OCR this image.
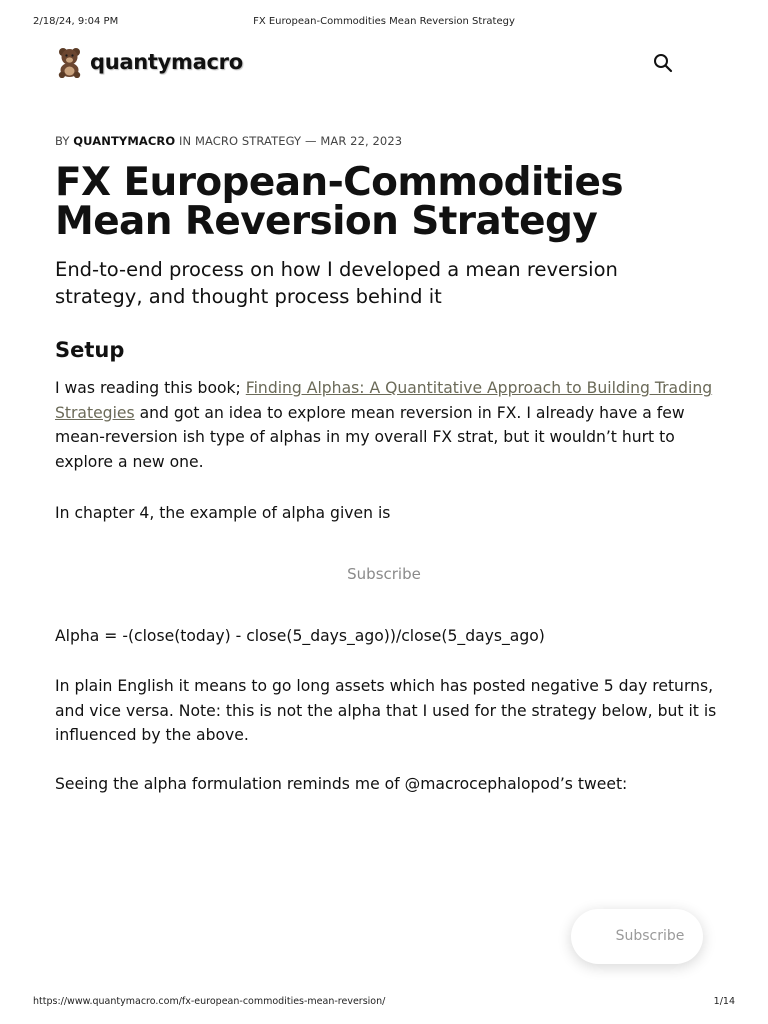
2/18/24, 9:04 PM	FX European-Commodities Mean Reversion Strategy
quantymacro
BY QUANTYMACRO IN MACRO STRATEGY — MAR 22, 2023
FX European-Commodities Mean Reversion Strategy

End-to-end process on how I developed a mean reversion strategy, and thought process behind it

Setup

I was reading this book; Finding Alphas: A Quantitative Approach to Building Trading Strategies and got an idea to explore mean reversion in FX. I already have a few mean-reversion ish type of alphas in my overall FX strat, but it wouldn’t hurt to explore a new one.

In chapter 4, the example of alpha given is

Subscribe

Alpha = -(close(today) - close(5_days_ago))/close(5_days_ago)

In plain English it means to go long assets which has posted negative 5 day returns, and vice versa. Note: this is not the alpha that I used for the strategy below, but it is influenced by the above.

Seeing the alpha formulation reminds me of @macrocephalopod’s tweet:

Subscribe
https://www.quantymacro.com/fx-european-commodities-mean-reversion/	1/14
